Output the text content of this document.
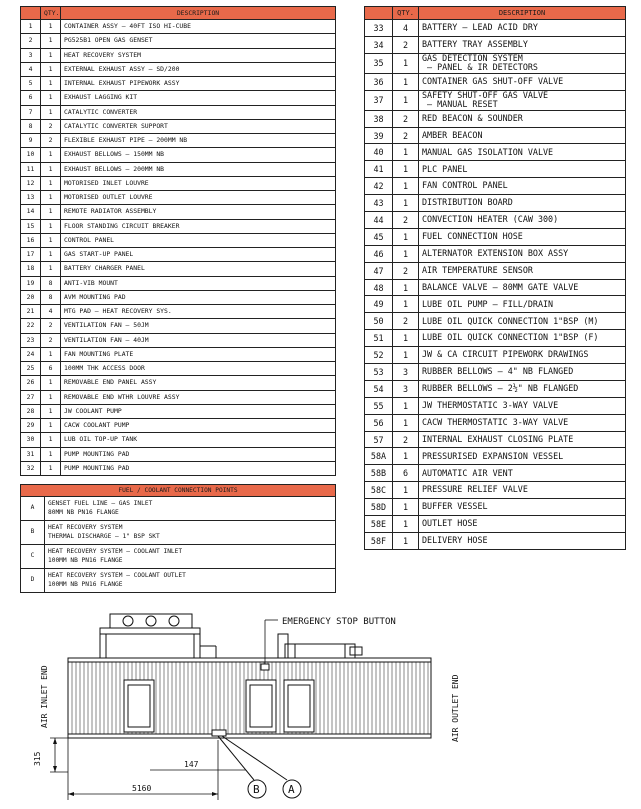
	QTY.	DESCRIPTION
1	1	CONTAINER ASSY – 40FT ISO HI-CUBE
2	1	PG525B1 OPEN GAS GENSET
3	1	HEAT RECOVERY SYSTEM
4	1	EXTERNAL EXHAUST ASSY – SD/200
5	1	INTERNAL EXHAUST PIPEWORK ASSY
6	1	EXHAUST LAGGING KIT
7	1	CATALYTIC CONVERTER
8	2	CATALYTIC CONVERTER SUPPORT
9	2	FLEXIBLE EXHAUST PIPE – 200MM NB
10	1	EXHAUST BELLOWS – 150MM NB
11	1	EXHAUST BELLOWS – 200MM NB
12	1	MOTORISED INLET LOUVRE
13	1	MOTORISED OUTLET LOUVRE
14	1	REMOTE RADIATOR ASSEMBLY
15	1	FLOOR STANDING CIRCUIT BREAKER
16	1	CONTROL PANEL
17	1	GAS START-UP PANEL
18	1	BATTERY CHARGER PANEL
19	8	ANTI-VIB MOUNT
20	8	AVM MOUNTING PAD
21	4	MTG PAD – HEAT RECOVERY SYS.
22	2	VENTILATION FAN – 50JM
23	2	VENTILATION FAN – 40JM
24	1	FAN MOUNTING PLATE
25	6	100MM THK ACCESS DOOR
26	1	REMOVABLE END PANEL ASSY
27	1	REMOVABLE END WTHR LOUVRE ASSY
28	1	JW COOLANT PUMP
29	1	CACW COOLANT PUMP
30	1	LUB OIL TOP-UP TANK
31	1	PUMP MOUNTING PAD
32	1	PUMP MOUNTING PAD
	QTY.	DESCRIPTION
33	4	BATTERY – LEAD ACID DRY
34	2	BATTERY TRAY ASSEMBLY
35	1	GAS DETECTION SYSTEM
– PANEL & IR DETECTORS
36	1	CONTAINER GAS SHUT-OFF VALVE
37	1	SAFETY SHUT-OFF GAS VALVE
– MANUAL RESET
38	2	RED BEACON & SOUNDER
39	2	AMBER BEACON
40	1	MANUAL GAS ISOLATION VALVE
41	1	PLC PANEL
42	1	FAN CONTROL PANEL
43	1	DISTRIBUTION BOARD
44	2	CONVECTION HEATER (CAW 300)
45	1	FUEL CONNECTION HOSE
46	1	ALTERNATOR EXTENSION BOX ASSY
47	2	AIR TEMPERATURE SENSOR
48	1	BALANCE VALVE – 80MM GATE VALVE
49	1	LUBE OIL PUMP – FILL/DRAIN
50	2	LUBE OIL QUICK CONNECTION 1"BSP (M)
51	1	LUBE OIL QUICK CONNECTION 1"BSP (F)
52	1	JW & CA CIRCUIT PIPEWORK DRAWINGS
53	3	RUBBER BELLOWS – 4" NB FLANGED
54	3	RUBBER BELLOWS – 2½" NB FLANGED
55	1	JW THERMOSTATIC 3-WAY VALVE
56	1	CACW THERMOSTATIC 3-WAY VALVE
57	2	INTERNAL EXHAUST CLOSING PLATE
58A	1	PRESSURISED EXPANSION VESSEL
58B	6	AUTOMATIC AIR VENT
58C	1	PRESSURE RELIEF VALVE
58D	1	BUFFER VESSEL
58E	1	OUTLET HOSE
58F	1	DELIVERY HOSE
FUEL / COOLANT CONNECTION POINTS	
A	GENSET FUEL LINE – GAS INLET
80MM NB PN16 FLANGE
B	HEAT RECOVERY SYSTEM
THERMAL DISCHARGE – 1" BSP SKT
C	HEAT RECOVERY SYSTEM – COOLANT INLET
100MM NB PN16 FLANGE
D	HEAT RECOVERY SYSTEM – COOLANT OUTLET
100MM NB PN16 FLANGE
EMERGENCY STOP BUTTON
AIR INLET END	AIR OUTLET END
315	147
5160	B	A
